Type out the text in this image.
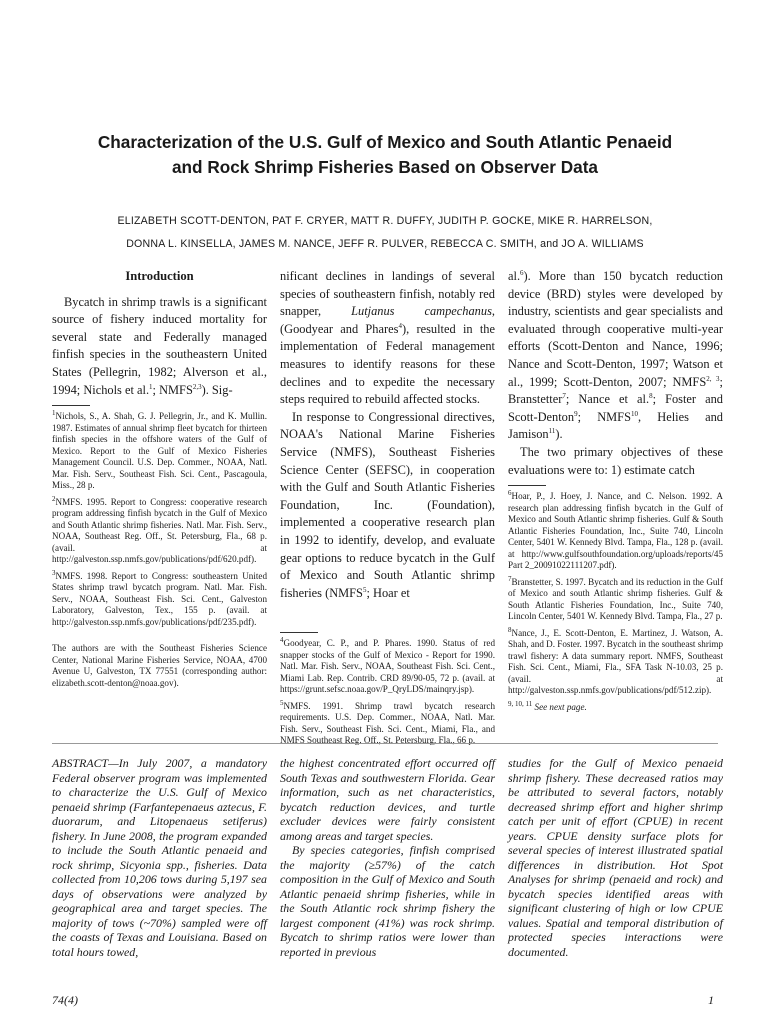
Characterization of the U.S. Gulf of Mexico and South Atlantic Penaeid
and Rock Shrimp Fisheries Based on Observer Data
ELIZABETH SCOTT-DENTON, PAT F. CRYER, MATT R. DUFFY, JUDITH P. GOCKE, MIKE R. HARRELSON,
DONNA L. KINSELLA, JAMES M. NANCE, JEFF R. PULVER, REBECCA C. SMITH, and JO A. WILLIAMS
Introduction

Bycatch in shrimp trawls is a significant source of fishery induced mortality for several state and Federally managed finfish species in the southeastern United States (Pellegrin, 1982; Alverson et al., 1994; Nichols et al.$^1$; NMFS$^{2,3}$). Sig-

$^1$Nichols, S., A. Shah, G. J. Pellegrin, Jr., and K. Mullin. 1987. Estimates of annual shrimp fleet bycatch for thirteen finfish species in the offshore waters of the Gulf of Mexico. Report to the Gulf of Mexico Fisheries Management Council. U.S. Dep. Commer., NOAA, Natl. Mar. Fish. Serv., Southeast Fish. Sci. Cent., Pascagoula, Miss., 28 p.
$^2$NMFS. 1995. Report to Congress: cooperative research program addressing finfish bycatch in the Gulf of Mexico and South Atlantic shrimp fisheries. Natl. Mar. Fish. Serv., NOAA, Southeast Reg. Off., St. Petersburg, Fla., 68 p. (avail. at http://galveston.ssp.nmfs.gov/publications/pdf/620.pdf).
$^3$NMFS. 1998. Report to Congress: southeastern United States shrimp trawl bycatch program. Natl. Mar. Fish. Serv., NOAA, Southeast Fish. Sci. Cent., Galveston Laboratory, Galveston, Tex., 155 p. (avail. at http://galveston.ssp.nmfs.gov/publications/pdf/235.pdf).
The authors are with the Southeast Fisheries Science Center, National Marine Fisheries Service, NOAA, 4700 Avenue U, Galveston, TX 77551 (corresponding author: elizabeth.scott-denton@noaa.gov).

nificant declines in landings of several species of southeastern finfish, notably red snapper, Lutjanus campechanus, (Goodyear and Phares$^4$), resulted in the implementation of Federal management measures to identify reasons for these declines and to expedite the necessary steps required to rebuild affected stocks.

In response to Congressional directives, NOAA's National Marine Fisheries Service (NMFS), Southeast Fisheries Science Center (SEFSC), in cooperation with the Gulf and South Atlantic Fisheries Foundation, Inc. (Foundation), implemented a cooperative research plan in 1992 to identify, develop, and evaluate gear options to reduce bycatch in the Gulf of Mexico and South Atlantic shrimp fisheries (NMFS$^5$; Hoar et

$^4$Goodyear, C. P., and P. Phares. 1990. Status of red snapper stocks of the Gulf of Mexico - Report for 1990. Natl. Mar. Fish. Serv., NOAA, Southeast Fish. Sci. Cent., Miami Lab. Rep. Contrib. CRD 89/90-05, 72 p. (avail. at https://grunt.sefsc.noaa.gov/P_QryLDS/mainqry.jsp).
$^5$NMFS. 1991. Shrimp trawl bycatch research requirements. U.S. Dep. Commer., NOAA, Natl. Mar. Fish. Serv., Southeast Fish. Sci. Cent., Miami, Fla., and NMFS Southeast Reg. Off., St. Petersburg, Fla., 66 p.

al.$^6$). More than 150 bycatch reduction device (BRD) styles were developed by industry, scientists and gear specialists and evaluated through cooperative multi-year efforts (Scott-Denton and Nance, 1996; Nance and Scott-Denton, 1997; Watson et al., 1999; Scott-Denton, 2007; NMFS$^{2, 3}$; Branstetter$^7$; Nance et al.$^8$; Foster and Scott-Denton$^9$; NMFS$^{10}$, Helies and Jamison$^{11}$).

The two primary objectives of these evaluations were to: 1) estimate catch

$^6$Hoar, P., J. Hoey, J. Nance, and C. Nelson. 1992. A research plan addressing finfish bycatch in the Gulf of Mexico and South Atlantic shrimp fisheries. Gulf & South Atlantic Fisheries Foundation, Inc., Suite 740, Lincoln Center, 5401 W. Kennedy Blvd. Tampa, Fla., 128 p. (avail. at http://www.gulfsouthfoundation.org/uploads/reports/45 Part 2_20091022111207.pdf).
$^7$Branstetter, S. 1997. Bycatch and its reduction in the Gulf of Mexico and south Atlantic shrimp fisheries. Gulf & South Atlantic Fisheries Foundation, Inc., Suite 740, Lincoln Center, 5401 W. Kennedy Blvd. Tampa, Fla., 27 p.
$^8$Nance, J., E. Scott-Denton, E. Martinez, J. Watson, A. Shah, and D. Foster. 1997. Bycatch in the southeast shrimp trawl fishery: A data summary report. NMFS, Southeast Fish. Sci. Cent., Miami, Fla., SFA Task N-10.03, 25 p. (avail. at http://galveston.ssp.nmfs.gov/publications/pdf/512.zip).
$^{9, 10, 11}$ See next page.
ABSTRACT—In July 2007, a mandatory Federal observer program was implemented to characterize the U.S. Gulf of Mexico penaeid shrimp (Farfantepenaeus aztecus, F. duorarum, and Litopenaeus setiferus) fishery. In June 2008, the program expanded to include the South Atlantic penaeid and rock shrimp, Sicyonia spp., fisheries. Data collected from 10,206 tows during 5,197 sea days of observations were analyzed by geographical area and target species. The majority of tows (~70%) sampled were off the coasts of Texas and Louisiana. Based on total hours towed,

the highest concentrated effort occurred off South Texas and southwestern Florida. Gear information, such as net characteristics, bycatch reduction devices, and turtle excluder devices were fairly consistent among areas and target species.

By species categories, finfish comprised the majority (≥57%) of the catch composition in the Gulf of Mexico and South Atlantic penaeid shrimp fisheries, while in the South Atlantic rock shrimp fishery the largest component (41%) was rock shrimp. Bycatch to shrimp ratios were lower than reported in previous

studies for the Gulf of Mexico penaeid shrimp fishery. These decreased ratios may be attributed to several factors, notably decreased shrimp effort and higher shrimp catch per unit of effort (CPUE) in recent years. CPUE density surface plots for several species of interest illustrated spatial differences in distribution. Hot Spot Analyses for shrimp (penaeid and rock) and bycatch species identified areas with significant clustering of high or low CPUE values. Spatial and temporal distribution of protected species interactions were documented.
74(4)	1
